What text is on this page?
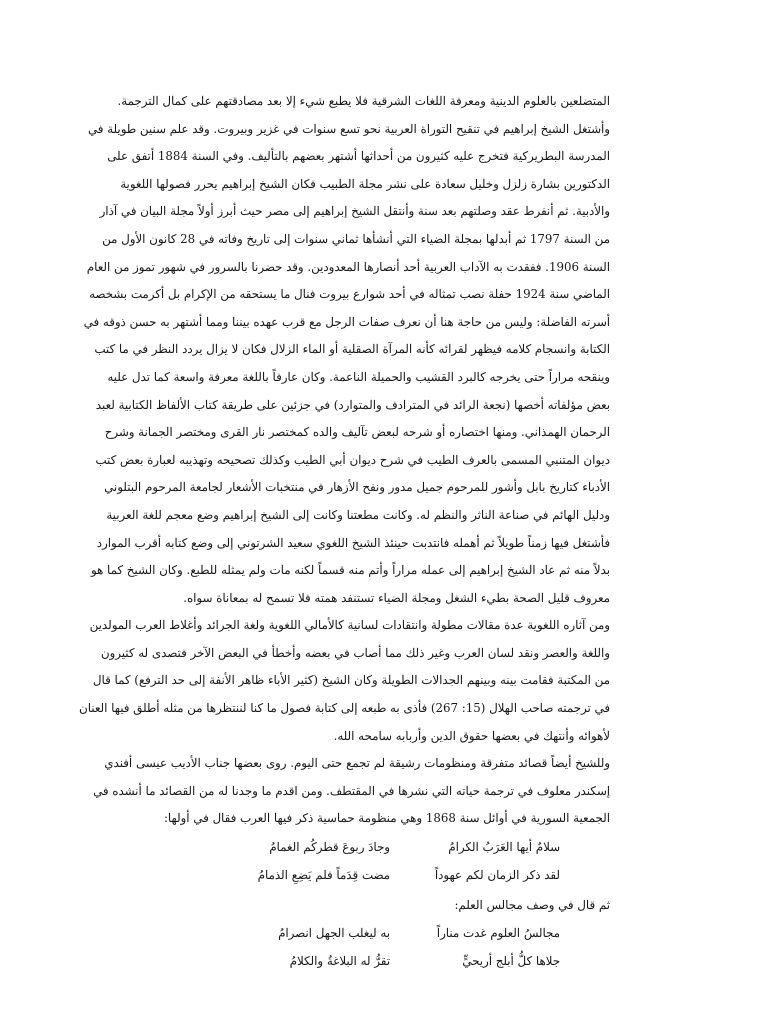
المتضلعين بالعلوم الدينية ومعرفة اللغات الشرقية فلا يطبع شيء إلا بعد مصادقتهم على كمال الترجمة.
وأشتغل الشيخ إبراهيم في تنقيح التوراة العربية نحو تسع سنوات في غزير وبيروت. وقد علم سنين طويلة في
المدرسة البطريركية فتخرج عليه كثيرون من أحداثها أشتهر بعضهم بالتأليف. وفي السنة 1884 أتفق على
الدكتورين بشارة زلزل وخليل سعادة على نشر مجلة الطبيب فكان الشيخ إبراهيم يحرر فصولها اللغوية
والأدبية. ثم أنفرط عقد وصلتهم بعد سنة وأنتقل الشيخ إبراهيم إلى مصر حيث أبرز أولاً مجلة البيان في آذار
من السنة 1797 ثم أبدلها بمجلة الضياء التي أنشأها ثماني سنوات إلى تاريخ وفاته في 28 كانون الأول من
السنة 1906. ففقدت به الآداب العربية أحد أنصارها المعدودين. وقد حضرنا بالسرور في شهور تموز من العام
الماضي سنة 1924 حفلة نصب تمثاله في أحد شوارع بيروت فنال ما يستحقه من الإكرام بل أكرمت بشخصه
أسرته الفاضلة: وليس من حاجة هنا أن نعرف صفات الرجل مع قرب عهده بيننا ومما أشتهر به حسن ذوقه في
الكتابة وانسجام كلامه فيظهر لقرائه كأنه المرآة الصقلية أو الماء الزلال فكان لا يزال يردد النظر في ما كتب
وينقحه مراراً حتى يخرجه كالبرد القشيب والحميلة الناعمة. وكان عارفاً باللغة معرفة واسعة كما تدل عليه
بعض مؤلفاته أخصها (نجعة الرائد في المترادف والمتوارد) في جزئين على طريقة كتاب الألفاظ الكتابية لعبد
الرحمان الهمذاني. ومنها اختصاره أو شرحه لبعض تآليف والده كمختصر نار القرى ومختصر الجمانة وشرح
ديوان المتنبي المسمى بالعرف الطيب في شرح ديوان أبي الطيب وكذلك تصحيحه وتهذيبه لعبارة بعض كتب
الأدباء كتاريخ بابل وأشور للمرحوم جميل مدور ونفح الأزهار في منتخبات الأشعار لجامعة المرحوم البتلوني
ودليل الهائم في صناعة الناثر والنظم له. وكانت مطعتنا وكانت إلى الشيخ إبراهيم وضع معجم للغة العربية
فأشتغل فيها زمناً طويلاً ثم أهمله فانتدبت حينئذ الشيخ اللغوي سعيد الشرتوني إلى وضع كتابه أقرب الموارد
بدلاً منه ثم عاد الشيخ إبراهيم إلى عمله مراراً وأتم منه قسماً لكنه مات ولم يمثله للطبع. وكان الشيخ كما هو
معروف قليل الصحة بطيء الشغل ومجلة الضياء تستنفد همته فلا تسمح له بمعاناة سواه.
ومن آثاره اللغوية عدة مقالات مطولة وانتقادات لسانية كالأمالي اللغوية ولغة الجرائد وأغلاط العرب المولدين
واللغة والعصر ونقد لسان العرب وغير ذلك مما أصاب في بعضه وأخطأ في البعض الآخر فتصدى له كثيرون
من المكتبة فقامت بينه وبينهم الجدالات الطويلة وكان الشيخ (كثير الأباء ظاهر الأنفة إلى حد الترفع) كما قال
في ترجمته صاحب الهلال (15: 267) فأذى به طبعه إلى كتابة فصول ما كنا لننتظرها من مثله أطلق فيها العنان
لأهوائه وأنتهك في بعضها حقوق الدين وأربابه سامحه الله.
وللشيخ أيضاً قصائد متفرقة ومنظومات رشيقة لم تجمع حتى اليوم. روى بعضها جناب الأديب عيسى أفندي
إسكندر معلوف في ترجمة حياته التي نشرها في المقتطف. ومن اقدم ما وجدنا له من القصائد ما أنشده في
الجمعية السورية في أوائل سنة 1868 وهي منظومة حماسية ذكر فيها العرب فقال في أولها:
سلامٌ أيها العَرَبُ الكرامُ
وجادَ ربوعَ قطركُم الغمامُ
لقد ذكر الزمان لكم عهوداً
مضت قِدَماً فلم يَضِعِ الذمامُ
ثم قال في وصف مجالس العلم:
مجالسُ العلوم غدت مناراً
به ليغلب الجهل انصرامُ
جلاها كلُّ أبلج أريحيٍّ
تقرُّ له البلاغةُ والكلامُ
